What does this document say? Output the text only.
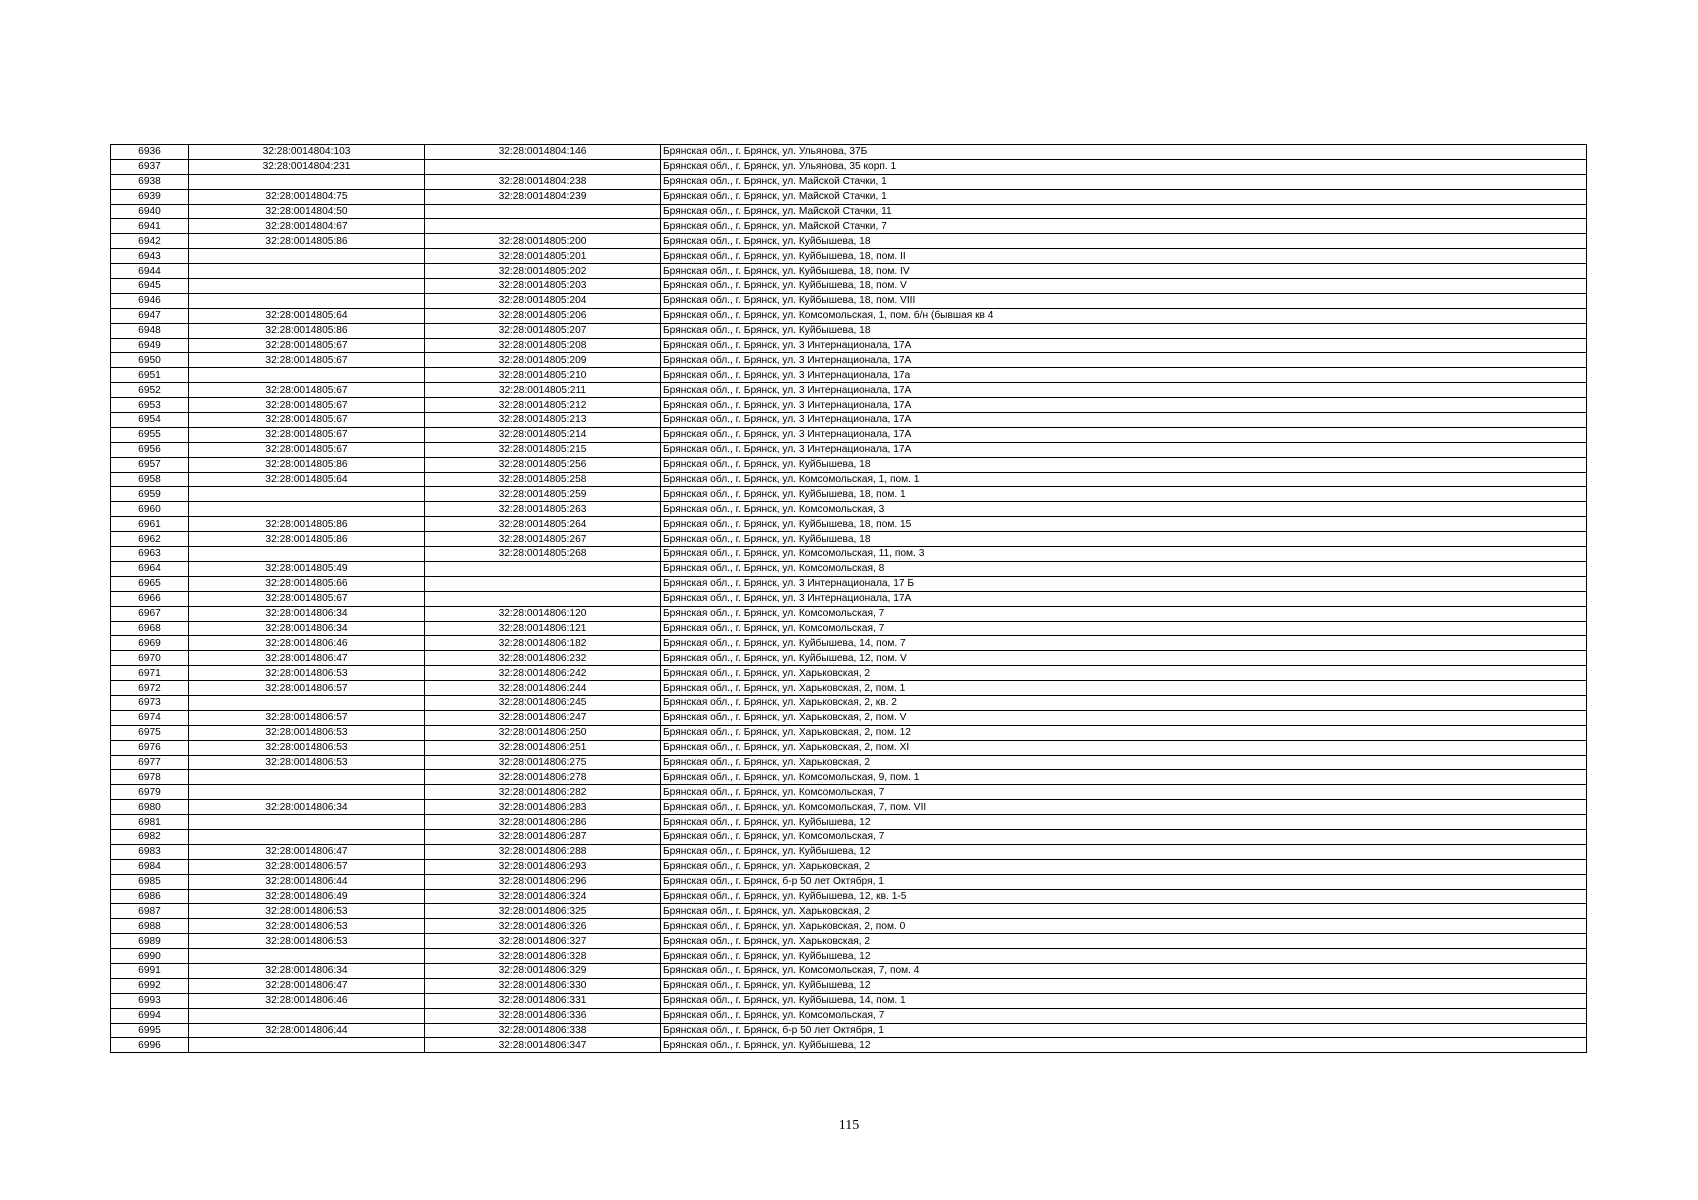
6936	32:28:0014804:103	32:28:0014804:146	Брянская обл., г. Брянск, ул. Ульянова, 37Б
6937	32:28:0014804:231		Брянская обл., г. Брянск, ул. Ульянова, 35 корп. 1
6938		32:28:0014804:238	Брянская обл., г. Брянск, ул. Майской Стачки, 1
6939	32:28:0014804:75	32:28:0014804:239	Брянская обл., г. Брянск, ул. Майской Стачки, 1
6940	32:28:0014804:50		Брянская обл., г. Брянск, ул. Майской Стачки, 11
6941	32:28:0014804:67		Брянская обл., г. Брянск, ул. Майской Стачки, 7
6942	32:28:0014805:86	32:28:0014805:200	Брянская обл., г. Брянск, ул. Куйбышева, 18
6943		32:28:0014805:201	Брянская обл., г. Брянск, ул. Куйбышева, 18, пом. II
6944		32:28:0014805:202	Брянская обл., г. Брянск, ул. Куйбышева, 18, пом. IV
6945		32:28:0014805:203	Брянская обл., г. Брянск, ул. Куйбышева, 18, пом. V
6946		32:28:0014805:204	Брянская обл., г. Брянск, ул. Куйбышева, 18, пом. VIII
6947	32:28:0014805:64	32:28:0014805:206	Брянская обл., г. Брянск, ул. Комсомольская, 1, пом. б/н (бывшая кв 4
6948	32:28:0014805:86	32:28:0014805:207	Брянская обл., г. Брянск, ул. Куйбышева, 18
6949	32:28:0014805:67	32:28:0014805:208	Брянская обл., г. Брянск, ул. 3 Интернационала, 17А
6950	32:28:0014805:67	32:28:0014805:209	Брянская обл., г. Брянск, ул. 3 Интернационала, 17А
6951		32:28:0014805:210	Брянская обл., г. Брянск, ул. 3 Интернационала, 17а
6952	32:28:0014805:67	32:28:0014805:211	Брянская обл., г. Брянск, ул. 3 Интернационала, 17А
6953	32:28:0014805:67	32:28:0014805:212	Брянская обл., г. Брянск, ул. 3 Интернационала, 17А
6954	32:28:0014805:67	32:28:0014805:213	Брянская обл., г. Брянск, ул. 3 Интернационала, 17А
6955	32:28:0014805:67	32:28:0014805:214	Брянская обл., г. Брянск, ул. 3 Интернационала, 17А
6956	32:28:0014805:67	32:28:0014805:215	Брянская обл., г. Брянск, ул. 3 Интернационала, 17А
6957	32:28:0014805:86	32:28:0014805:256	Брянская обл., г. Брянск, ул. Куйбышева, 18
6958	32:28:0014805:64	32:28:0014805:258	Брянская обл., г. Брянск, ул. Комсомольская, 1, пом. 1
6959		32:28:0014805:259	Брянская обл., г. Брянск, ул. Куйбышева, 18, пом. 1
6960		32:28:0014805:263	Брянская обл., г. Брянск, ул. Комсомольская, 3
6961	32:28:0014805:86	32:28:0014805:264	Брянская обл., г. Брянск, ул. Куйбышева, 18, пом. 15
6962	32:28:0014805:86	32:28:0014805:267	Брянская обл., г. Брянск, ул. Куйбышева, 18
6963		32:28:0014805:268	Брянская обл., г. Брянск, ул. Комсомольская, 11, пом. 3
6964	32:28:0014805:49		Брянская обл., г. Брянск, ул. Комсомольская, 8
6965	32:28:0014805:66		Брянская обл., г. Брянск, ул. 3 Интернационала, 17 Б
6966	32:28:0014805:67		Брянская обл., г. Брянск, ул. 3 Интернационала, 17А
6967	32:28:0014806:34	32:28:0014806:120	Брянская обл., г. Брянск, ул. Комсомольская, 7
6968	32:28:0014806:34	32:28:0014806:121	Брянская обл., г. Брянск, ул. Комсомольская, 7
6969	32:28:0014806:46	32:28:0014806:182	Брянская обл., г. Брянск, ул. Куйбышева, 14, пом. 7
6970	32:28:0014806:47	32:28:0014806:232	Брянская обл., г. Брянск, ул. Куйбышева, 12, пом. V
6971	32:28:0014806:53	32:28:0014806:242	Брянская обл., г. Брянск, ул. Харьковская, 2
6972	32:28:0014806:57	32:28:0014806:244	Брянская обл., г. Брянск, ул. Харьковская, 2, пом. 1
6973		32:28:0014806:245	Брянская обл., г. Брянск, ул. Харьковская, 2, кв. 2
6974	32:28:0014806:57	32:28:0014806:247	Брянская обл., г. Брянск, ул. Харьковская, 2, пом. V
6975	32:28:0014806:53	32:28:0014806:250	Брянская обл., г. Брянск, ул. Харьковская, 2, пом. 12
6976	32:28:0014806:53	32:28:0014806:251	Брянская обл., г. Брянск, ул. Харьковская, 2, пом. XI
6977	32:28:0014806:53	32:28:0014806:275	Брянская обл., г. Брянск, ул. Харьковская, 2
6978		32:28:0014806:278	Брянская обл., г. Брянск, ул. Комсомольская, 9, пом. 1
6979		32:28:0014806:282	Брянская обл., г. Брянск, ул. Комсомольская, 7
6980	32:28:0014806:34	32:28:0014806:283	Брянская обл., г. Брянск, ул. Комсомольская, 7, пом. VII
6981		32:28:0014806:286	Брянская обл., г. Брянск, ул. Куйбышева, 12
6982		32:28:0014806:287	Брянская обл., г. Брянск, ул. Комсомольская, 7
6983	32:28:0014806:47	32:28:0014806:288	Брянская обл., г. Брянск, ул. Куйбышева, 12
6984	32:28:0014806:57	32:28:0014806:293	Брянская обл., г. Брянск, ул. Харьковская, 2
6985	32:28:0014806:44	32:28:0014806:296	Брянская обл., г. Брянск, б-р 50 лет Октября, 1
6986	32:28:0014806:49	32:28:0014806:324	Брянская обл., г. Брянск, ул. Куйбышева, 12, кв. 1-5
6987	32:28:0014806:53	32:28:0014806:325	Брянская обл., г. Брянск, ул. Харьковская, 2
6988	32:28:0014806:53	32:28:0014806:326	Брянская обл., г. Брянск, ул. Харьковская, 2, пом. 0
6989	32:28:0014806:53	32:28:0014806:327	Брянская обл., г. Брянск, ул. Харьковская, 2
6990		32:28:0014806:328	Брянская обл., г. Брянск, ул. Куйбышева, 12
6991	32:28:0014806:34	32:28:0014806:329	Брянская обл., г. Брянск, ул. Комсомольская, 7, пом. 4
6992	32:28:0014806:47	32:28:0014806:330	Брянская обл., г. Брянск, ул. Куйбышева, 12
6993	32:28:0014806:46	32:28:0014806:331	Брянская обл., г. Брянск, ул. Куйбышева, 14, пом. 1
6994		32:28:0014806:336	Брянская обл., г. Брянск, ул. Комсомольская, 7
6995	32:28:0014806:44	32:28:0014806:338	Брянская обл., г. Брянск, б-р 50 лет Октября, 1
6996		32:28:0014806:347	Брянская обл., г. Брянск, ул. Куйбышева, 12
115
